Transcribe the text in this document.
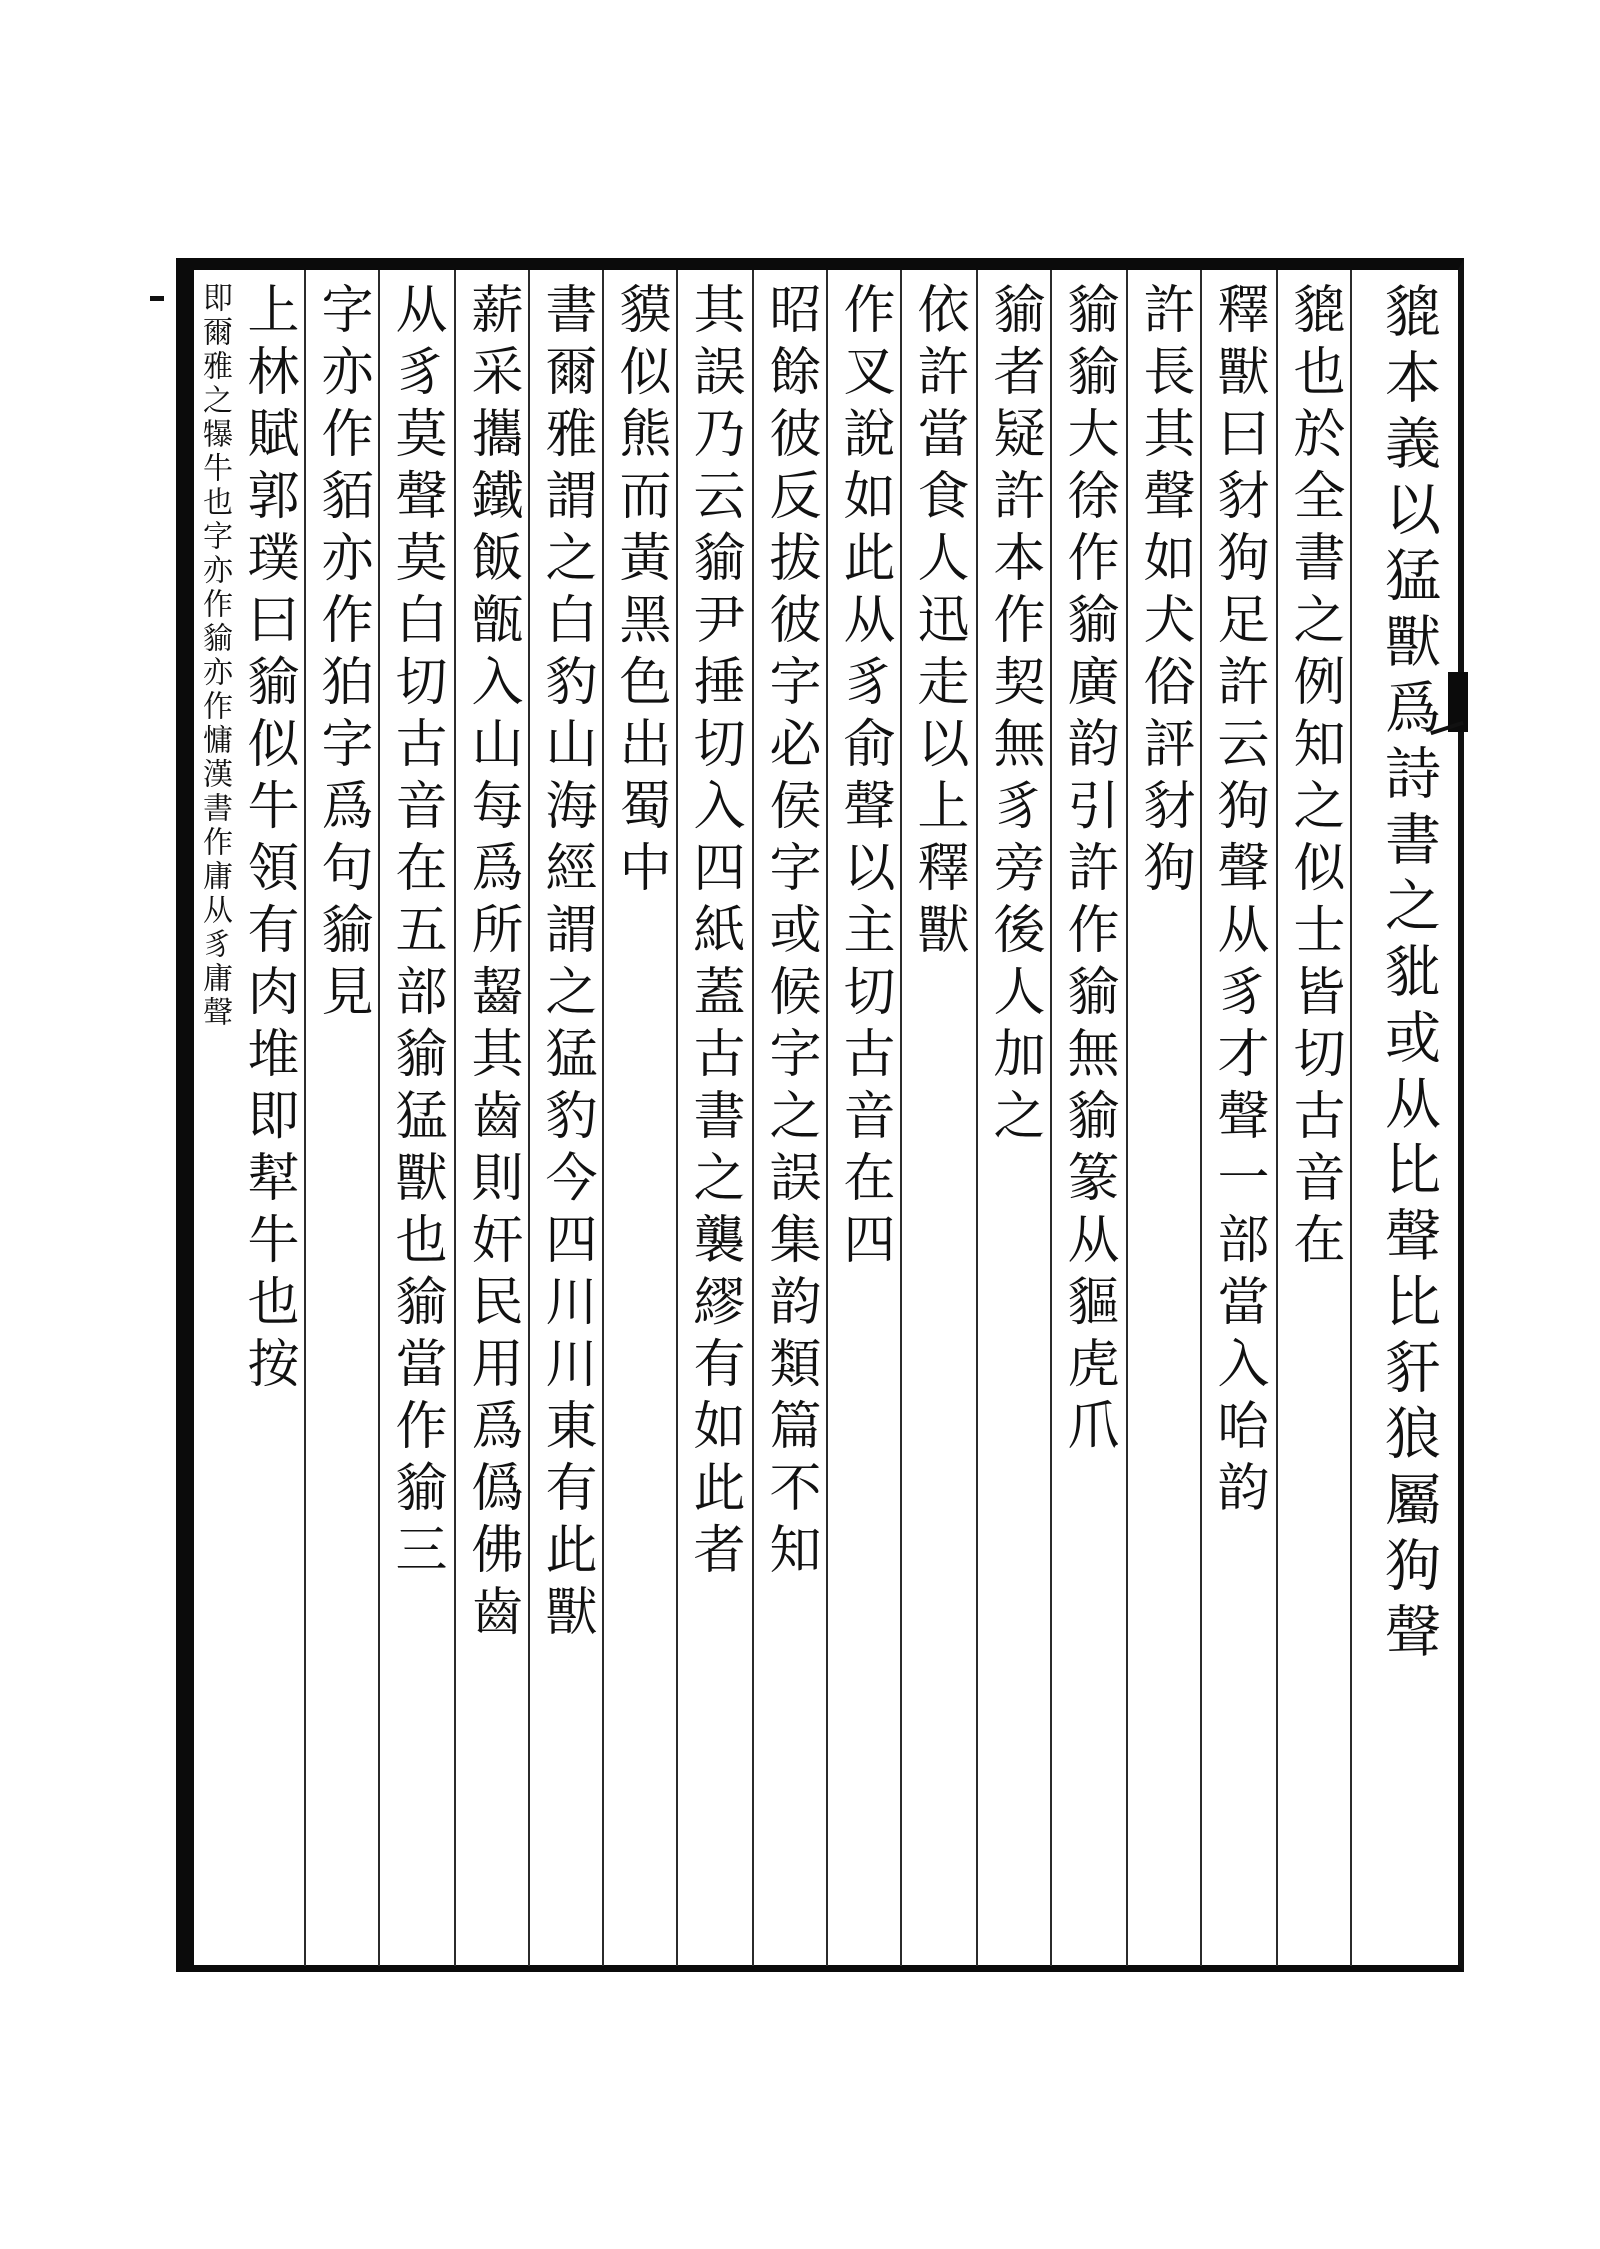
貔本義以猛獸爲詩書之豼或从比聲比豻狼屬狗聲
貔也於全書之例知之似士皆切古音在
釋獸曰豺狗足許云狗聲从豸才聲一部當入咍韵
許長其聲如犬俗評豺狗
貐貐大徐作貐廣韵引許作貐無貐篆从貙虎爪
貐者疑許本作契無豸旁後人加之
依許當食人迅走以上釋獸
作叉說如此从豸俞聲以主切古音在四
昭餘彼反拔彼字必侯字或候字之誤集韵類篇不知
其誤乃云貐尹捶切入四紙蓋古書之襲繆有如此者
貘似熊而黃黑色出蜀中
書爾雅謂之白豹山海經謂之猛豹今四川川東有此獸
薪采攜鐵飯甑入山每爲所齧其齒則奸民用爲僞佛齒
从豸莫聲莫白切古音在五部貐猛獸也貐當作貐三
字亦作貊亦作狛字爲句貐見
上林賦郭璞曰貐似牛領有肉堆即犎牛也按
即爾雅之犦牛也字亦作貐亦作慵漢書作庸从豸庸聲
